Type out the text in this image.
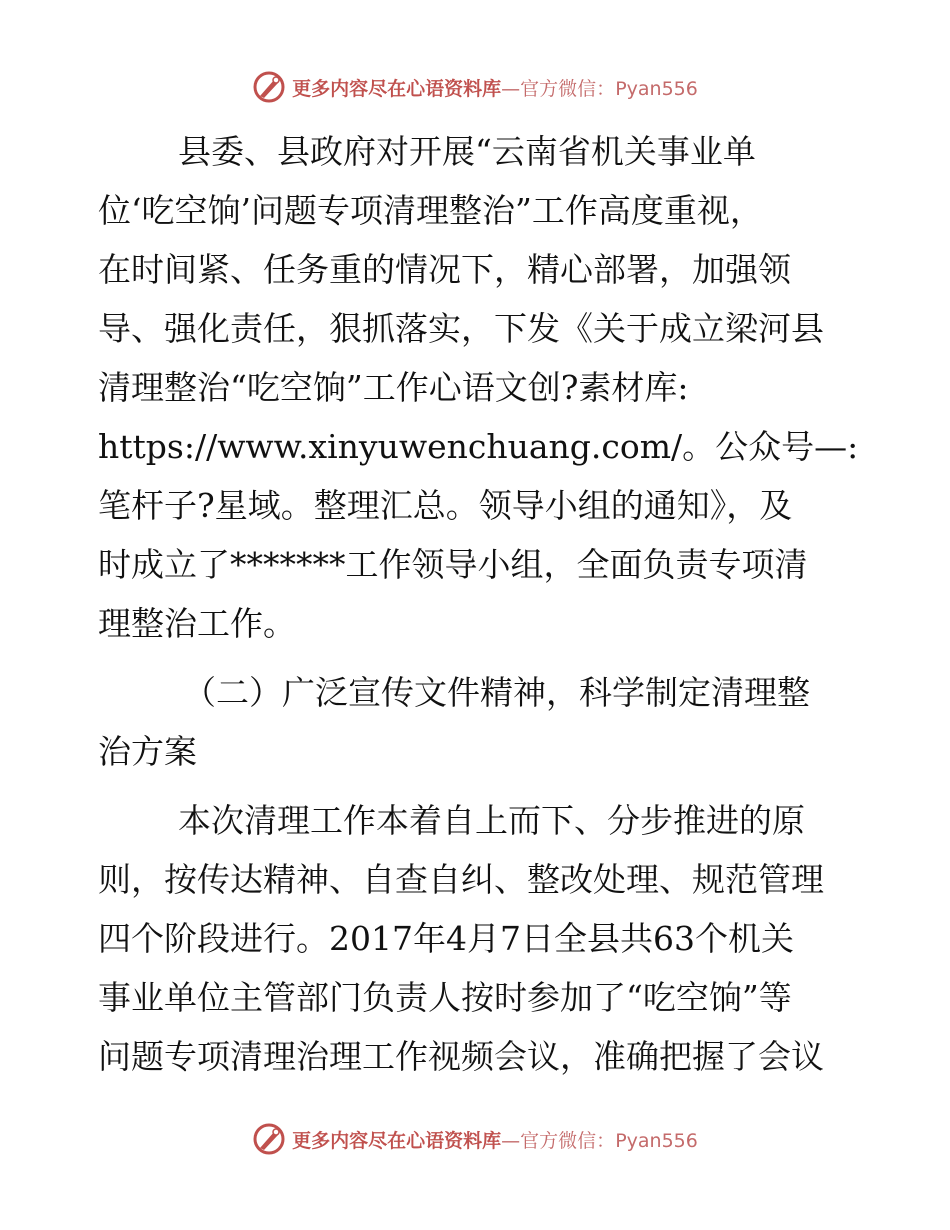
更多内容尽在心语资料库—官方微信：Pyan556
县委、县政府对开展“云南省机关事业单
位‘吃空饷’问题专项清理整治”工作高度重视，
在时间紧、任务重的情况下，精心部署，加强领
导、强化责任，狠抓落实，下发《关于成立梁河县
清理整治“吃空饷”工作心语文创?素材库:
https://www.xinyuwenchuang.com/。公众号—:
笔杆子?星域。整理汇总。领导小组的通知》，及
时成立了*******工作领导小组，全面负责专项清
理整治工作。
（二）广泛宣传文件精神，科学制定清理整
治方案
本次清理工作本着自上而下、分步推进的原
则，按传达精神、自查自纠、整改处理、规范管理
四个阶段进行。2017年4月7日全县共63个机关
事业单位主管部门负责人按时参加了“吃空饷”等
问题专项清理治理工作视频会议，准确把握了会议
更多内容尽在心语资料库—官方微信：Pyan556
